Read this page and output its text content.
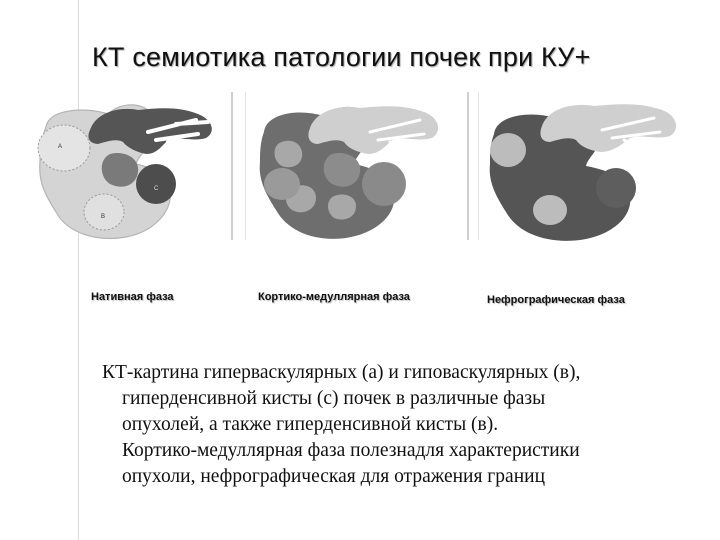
КТ семиотика патологии почек при КУ+
A
C
B
Нативная фаза	Кортико-медуллярная фаза	Нефрографическая фаза

КТ-картина гиперваскулярных (а) и гиповаскулярных (в),

гиперденсивной кисты (с) почек в различные фазы

опухолей, а также гиперденсивной кисты (в).

Кортико-медуллярная фаза полезнадля характеристики

опухоли, нефрографическая для отражения границ
